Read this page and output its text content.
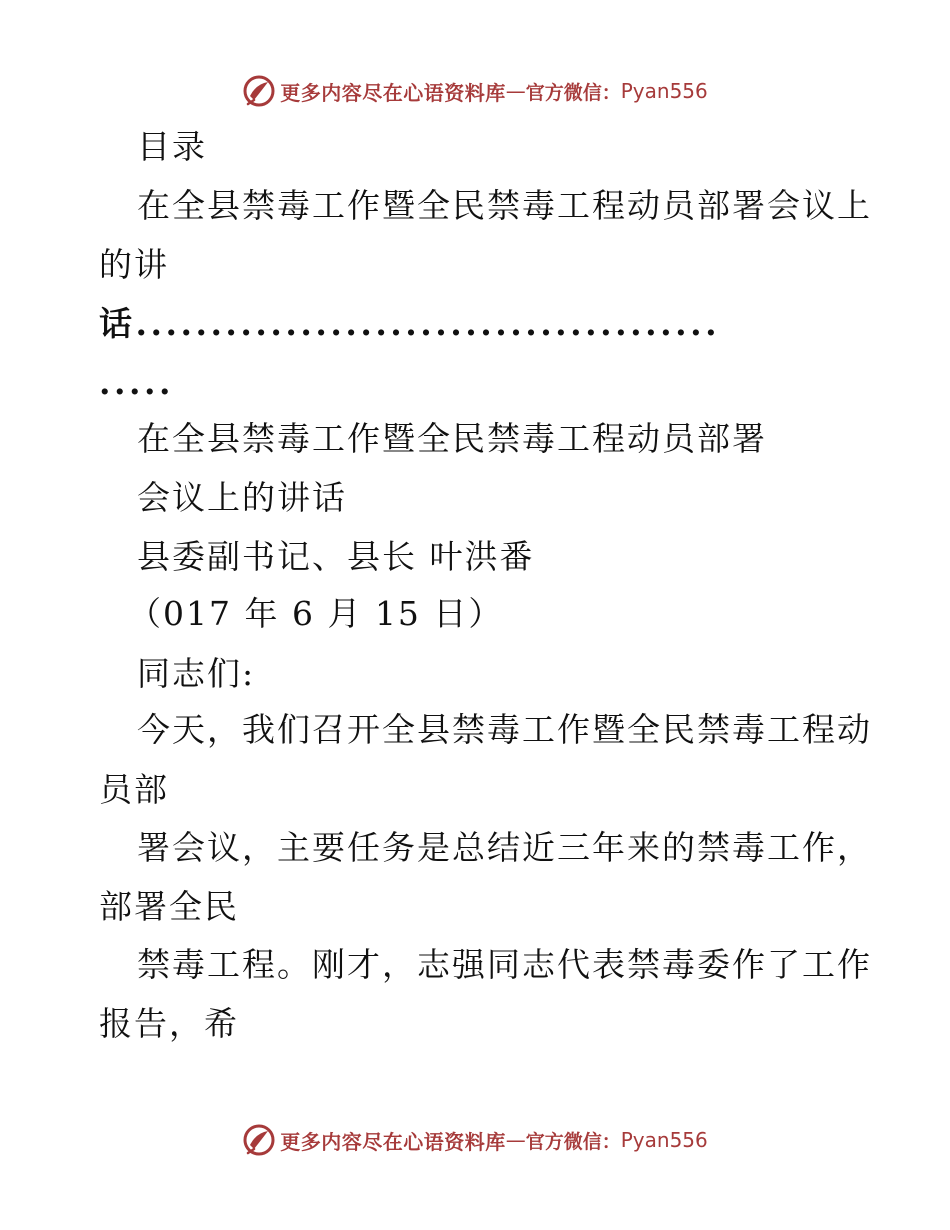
更多内容尽在心语资料库 — 官方微信： Pyan556
目录
在全县禁毒工作暨全民禁毒工程动员部署会议上
的讲
话.......................................
.....
在全县禁毒工作暨全民禁毒工程动员部署
会议上的讲话
县委副书记、县长 叶洪番
（017 年 6 月 15 日）
同志们:
今天，我们召开全县禁毒工作暨全民禁毒工程动
员部
署会议，主要任务是总结近三年来的禁毒工作，
部署全民
禁毒工程。刚才，志强同志代表禁毒委作了工作
报告，希
更多内容尽在心语资料库 — 官方微信： Pyan556
